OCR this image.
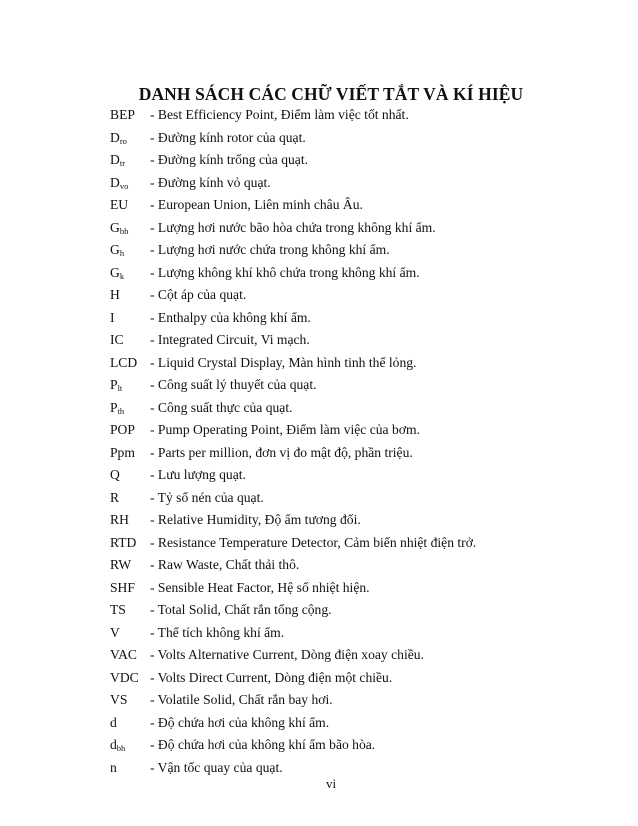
DANH SÁCH CÁC CHỮ VIẾT TẮT VÀ KÍ HIỆU
BEP - Best Efficiency Point, Điểm làm việc tốt nhất.
$D_{ro}$ - Đường kính rotor của quạt.
$D_{tr}$ - Đường kính trống của quạt.
$D_{vo}$ - Đường kính vỏ quạt.
EU - European Union, Liên minh châu Âu.
$G_{bh}$ - Lượng hơi nước bão hòa chứa trong không khí ẩm.
$G_h$ - Lượng hơi nước chứa trong không khí ẩm.
$G_k$ - Lượng không khí khô chứa trong không khí ẩm.
H - Cột áp của quạt.
I	- Enthalpy của không khí ẩm.
IC - Integrated Circuit, Vi mạch.
LCD - Liquid Crystal Display, Màn hình tinh thể lỏng.
$P_{lt}$ - Công suất lý thuyết của quạt.
$P_{th}$ - Công suất thực của quạt.
POP - Pump Operating Point, Điểm làm việc của bơm.
Ppm - Parts per million, đơn vị đo mật độ, phần triệu.
Q - Lưu lượng quạt.
R - Tỷ số nén của quạt.
RH - Relative Humidity, Độ ẩm tương đối.
RTD - Resistance Temperature Detector, Cảm biến nhiệt điện trở.
RW - Raw Waste, Chất thải thô.
SHF - Sensible Heat Factor, Hệ số nhiệt hiện.
TS - Total Solid, Chất rắn tổng cộng.
V - Thể tích không khí ẩm.
VAC - Volts Alternative Current, Dòng điện xoay chiều.
VDC - Volts Direct Current, Dòng điện một chiều.
VS - Volatile Solid, Chất rắn bay hơi.
d - Độ chứa hơi của không khí ẩm.
$d_{bh}$ - Độ chứa hơi của không khí ẩm bão hòa.
n - Vận tốc quay của quạt.
vi
